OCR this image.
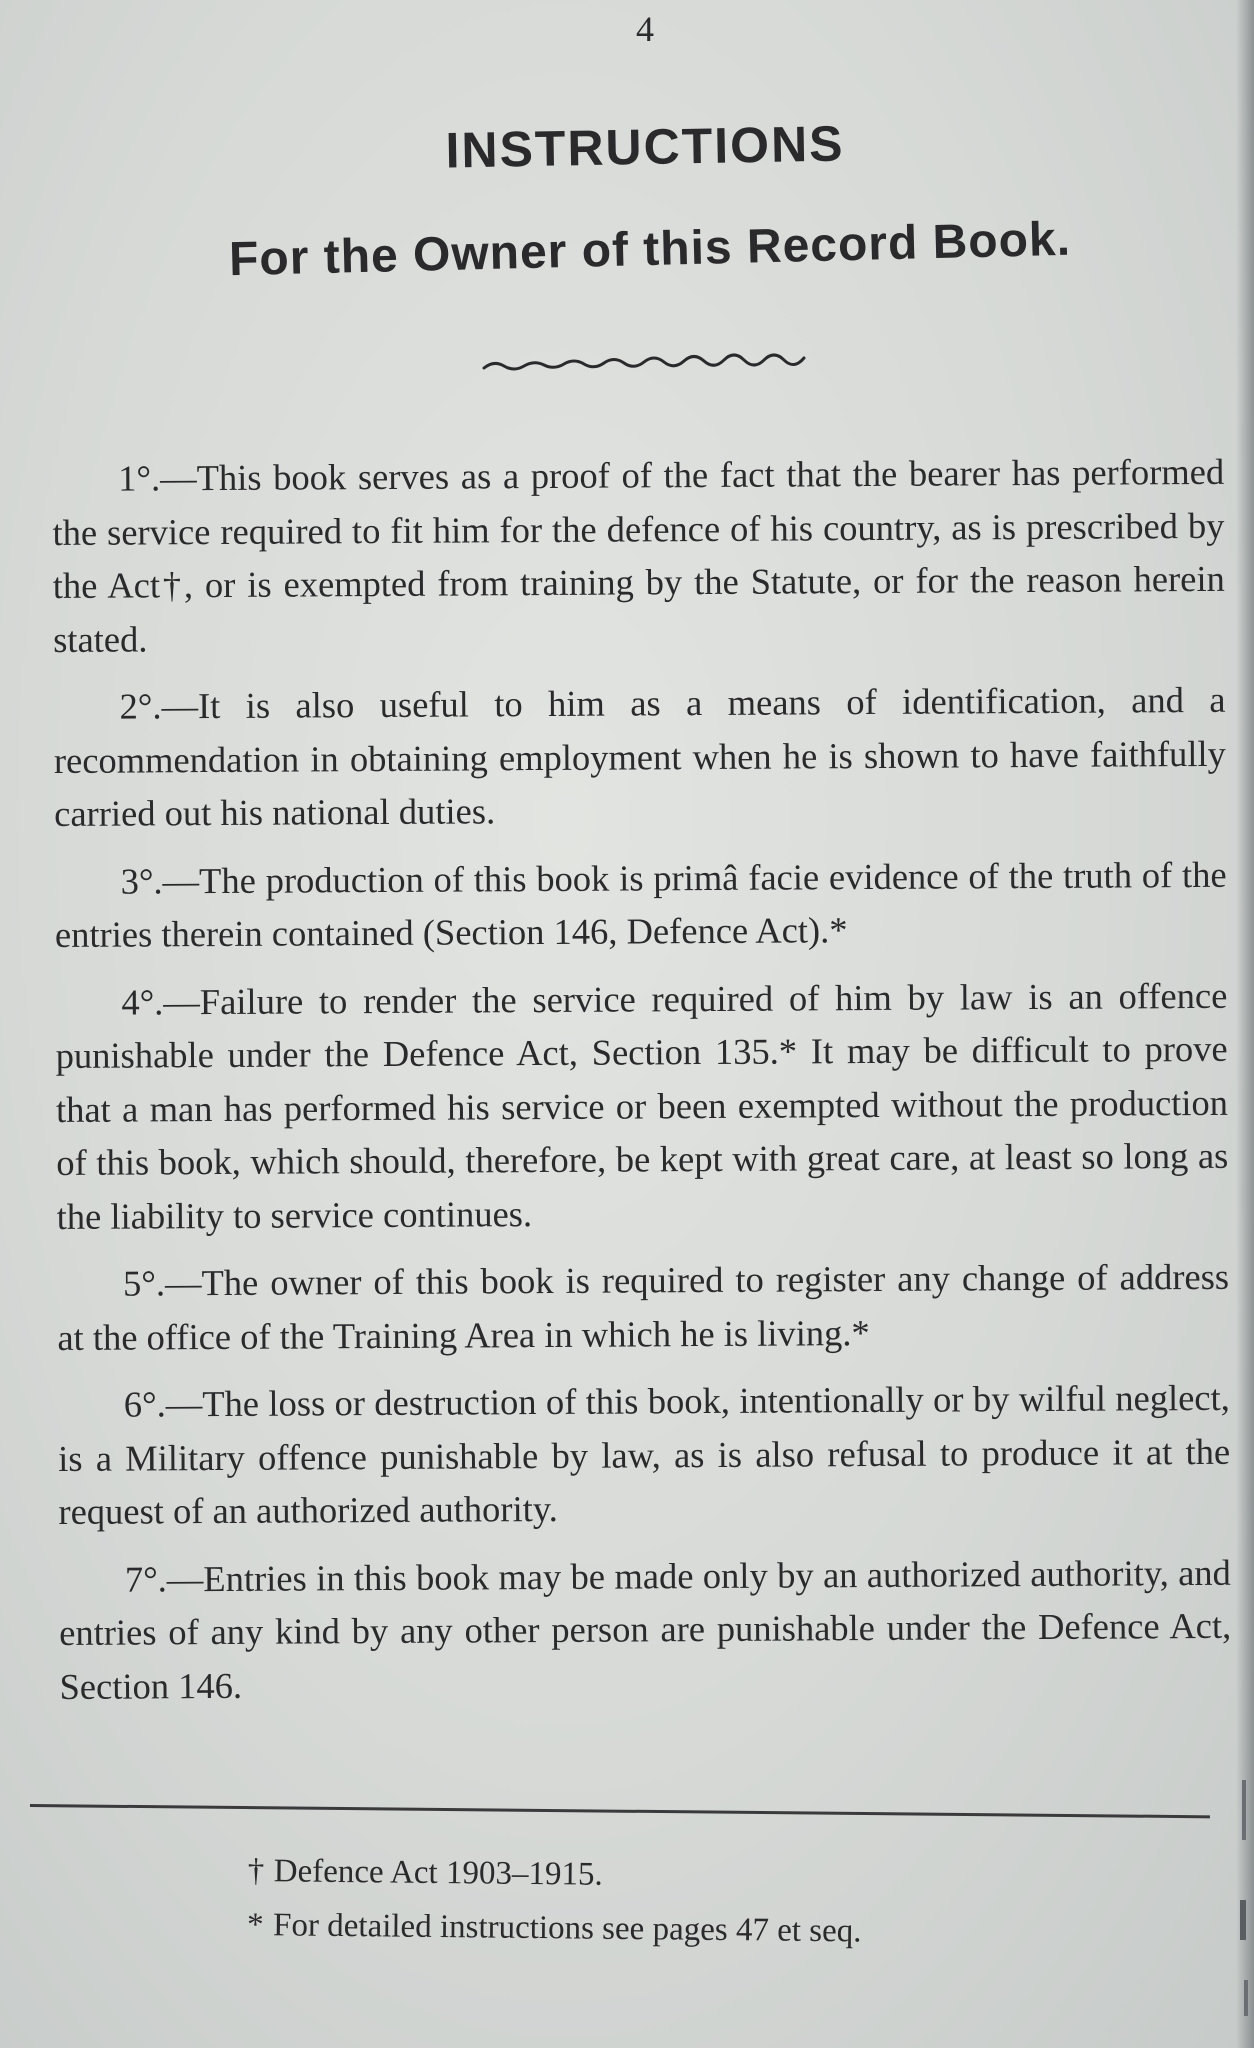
4
INSTRUCTIONS
For the Owner of this Record Book.

1°.—This book serves as a proof of the fact that the bearer has performed the service required to fit him for the defence of his country, as is prescribed by the Act†, or is exempted from training by the Statute, or for the reason herein stated.

2°.—It is also useful to him as a means of identification, and a recommendation in obtaining employment when he is shown to have faithfully carried out his national duties.

3°.—The production of this book is primâ facie evidence of the truth of the entries therein contained (Section 146, Defence Act).*

4°.—Failure to render the service required of him by law is an offence punishable under the Defence Act, Section 135.* It may be difficult to prove that a man has performed his service or been exempted without the production of this book, which should, therefore, be kept with great care, at least so long as the liability to service continues.

5°.—The owner of this book is required to register any change of address at the office of the Training Area in which he is living.*

6°.—The loss or destruction of this book, intentionally or by wilful neglect, is a Military offence punishable by law, as is also refusal to produce it at the request of an authorized authority.

7°.—Entries in this book may be made only by an authorized authority, and entries of any kind by any other person are punishable under the Defence Act, Section 146.

† Defence Act 1903–1915.
* For detailed instructions see pages 47 et seq.
